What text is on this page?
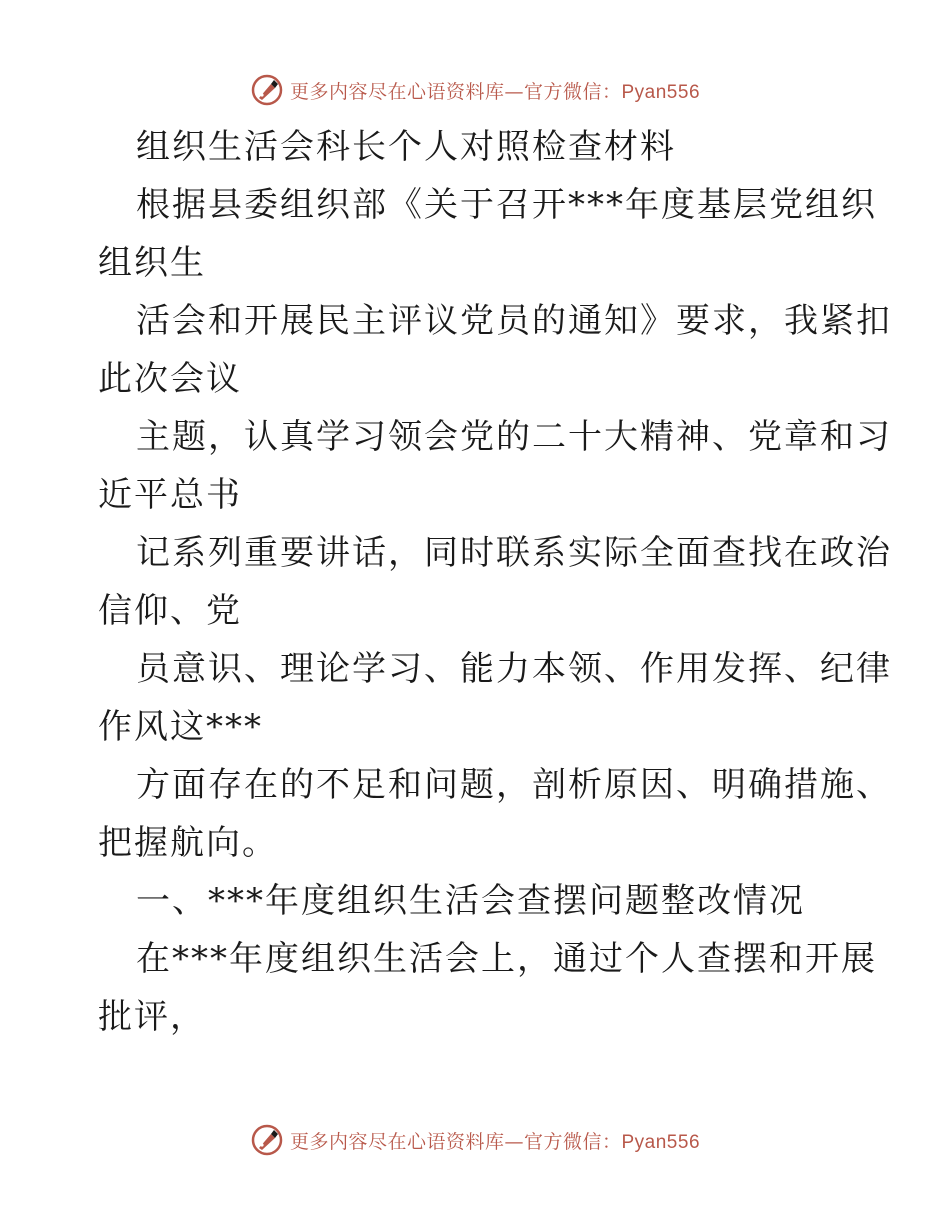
更多内容尽在心语资料库—官方微信：Pyan556
组织生活会科长个人对照检查材料
根据县委组织部《关于召开***年度基层党组织
组织生
活会和开展民主评议党员的通知》要求，我紧扣
此次会议
主题，认真学习领会党的二十大精神、党章和习
近平总书
记系列重要讲话，同时联系实际全面查找在政治
信仰、党
员意识、理论学习、能力本领、作用发挥、纪律
作风这***
方面存在的不足和问题，剖析原因、明确措施、
把握航向。
一、***年度组织生活会查摆问题整改情况
在***年度组织生活会上，通过个人查摆和开展
批评，
更多内容尽在心语资料库—官方微信：Pyan556
